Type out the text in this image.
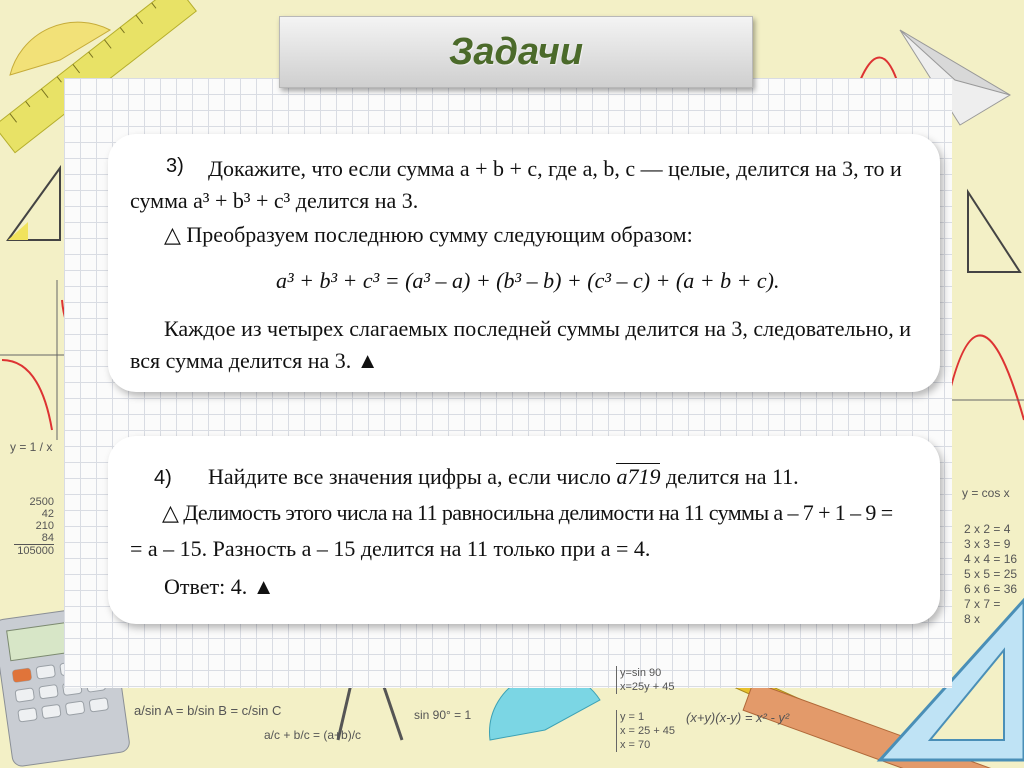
y = 1 / x
y = cos x
2 x 2 = 4
3 x 3 = 9
4 x 4 = 16
5 x 5 = 25
6 x 6 = 36
7 x 7 =
8 x
2500
42
210
84
105000
a/sin A = b/sin B = c/sin C
a/c + b/c = (a+b)/c
sin 90° = 1
y=sin 90
x=25y + 45
y = 1
x = 25 + 45
x = 70
(x+y)(x-y) = x² - y²
Задачи
3) Докажите, что если сумма a + b + c, где a, b, c — целые, делится на 3, то и
сумма a³ + b³ + c³ делится на 3.
△ Преобразуем последнюю сумму следующим образом:
a³ + b³ + c³ = (a³ – a) + (b³ – b) + (c³ – c) + (a + b + c).
Каждое из четырех слагаемых последней суммы делится на 3, следовательно, и
вся сумма делится на 3. ▲
4) Найдите все значения цифры a, если число a719 делится на 11.
△ Делимость этого числа на 11 равносильна делимости на 11 суммы a – 7 + 1 – 9 =
= a – 15. Разность a – 15 делится на 11 только при a = 4.
Ответ: 4. ▲
